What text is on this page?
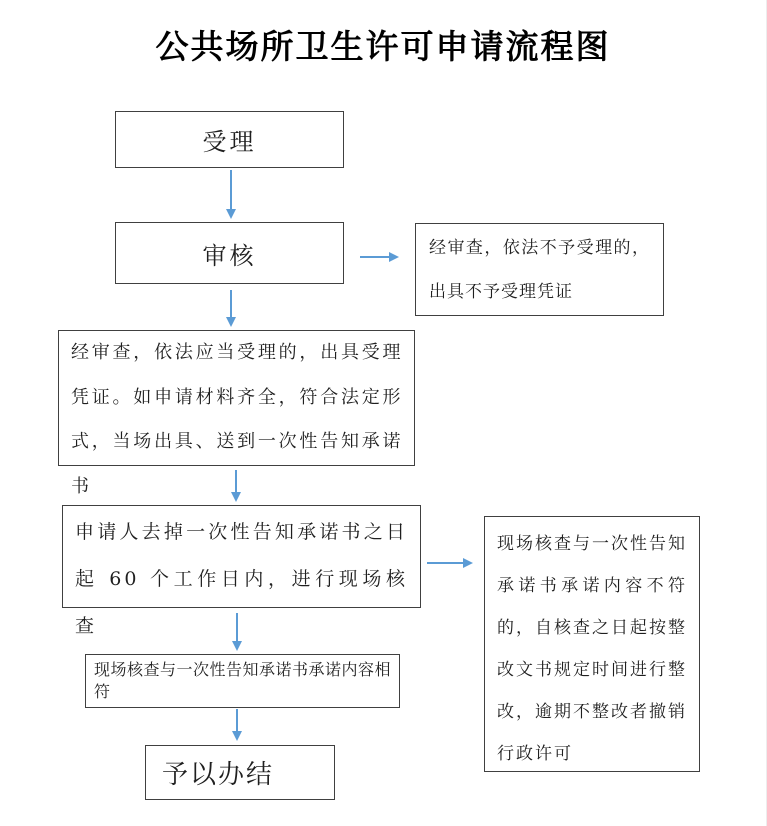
公共场所卫生许可申请流程图
受理
审核	经审查，依法不予受理的，出具不予受理凭证
经审查，依法应当受理的，出具受理凭证。如申请材料齐全，符合法定形式，当场出具、送到一次性告知承诺书
申请人去掉一次性告知承诺书之日起 60 个工作日内，进行现场核查
现场核查与一次性告知承诺书承诺内容不符的，自核查之日起按整改文书规定时间进行整改，逾期不整改者撤销行政许可
现场核查与一次性告知承诺书承诺内容相符
予以办结
